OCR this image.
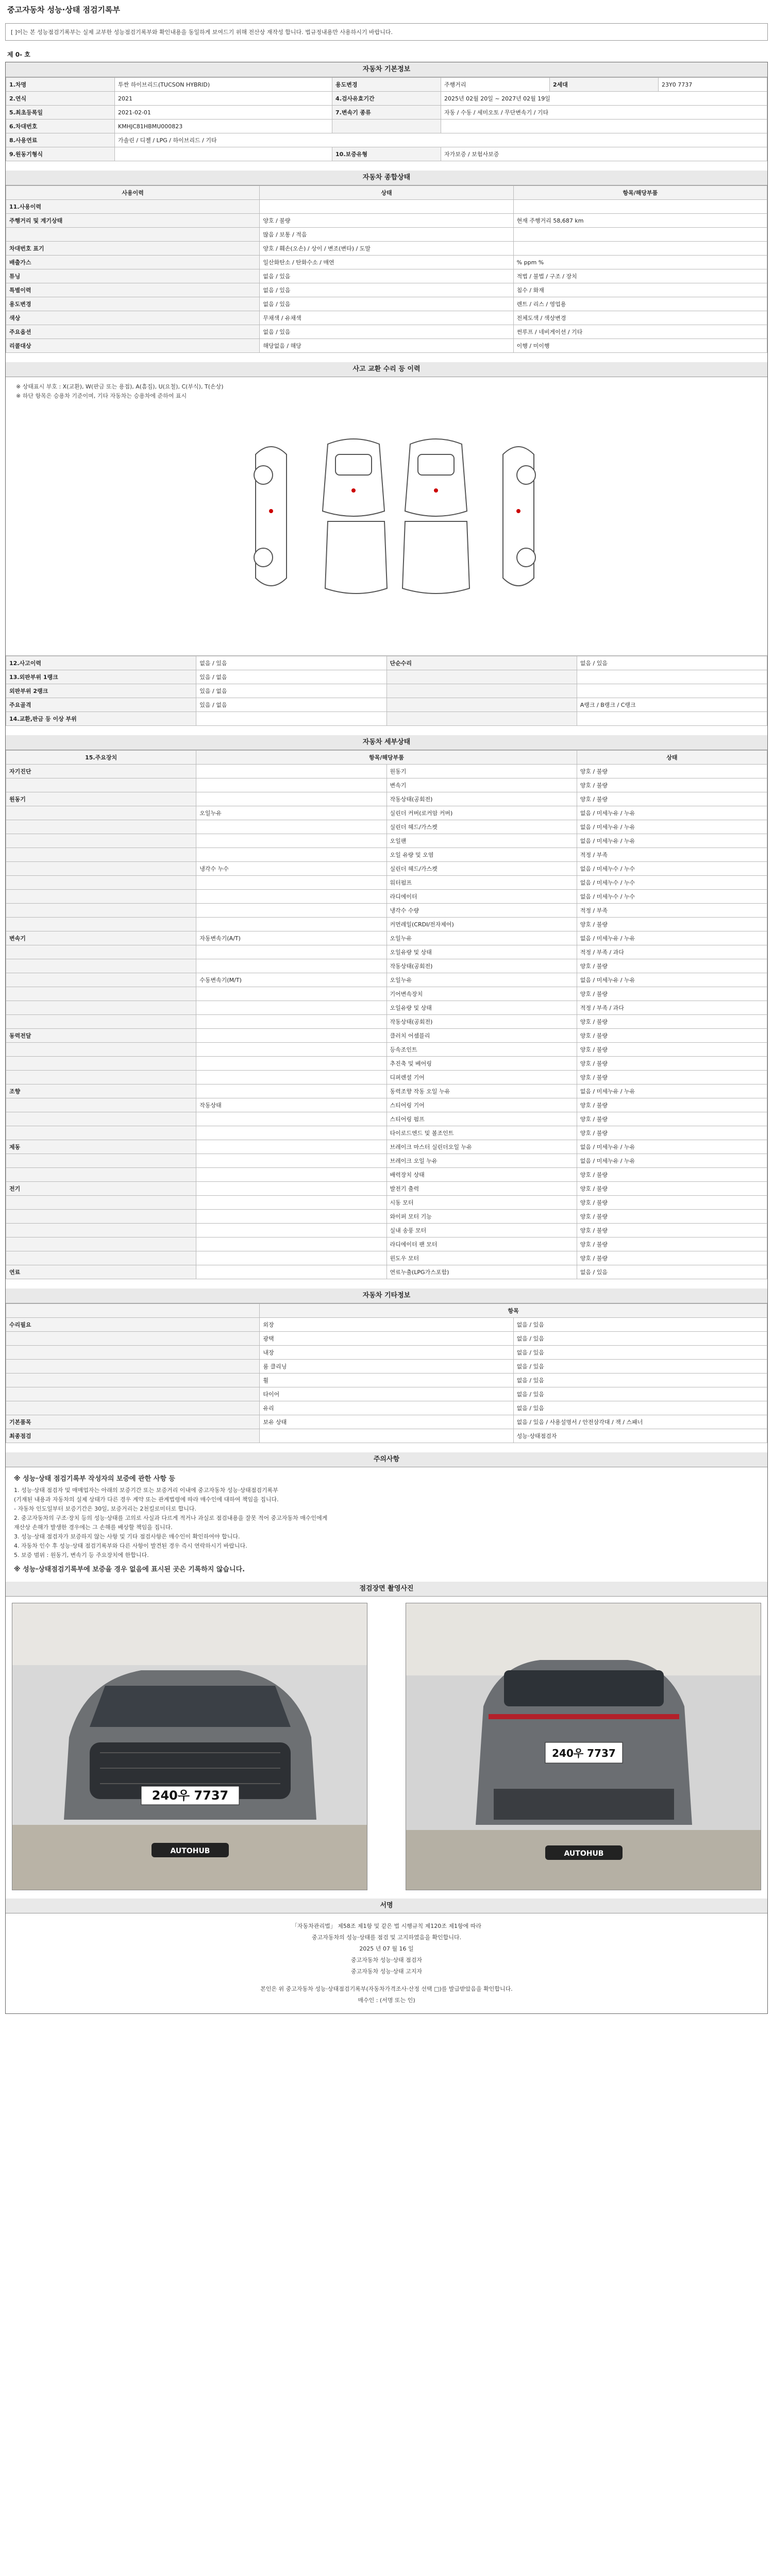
중고자동차 성능·상태 점검기록부
[ ]이는 본 성능점검기록부는 실제 교부한 성능점검기록부와 확인내용을 동일하게 보여드기 위해 전산상 재작성 합니다. 법규정내용만 사용하시기 바랍니다.
제 0- 호
자동차 기본정보
1.차명	투싼 하이브리드(TUCSON HYBRID)	용도변경	주행거리	2세대	23Y0 7737
2.연식	2021	4.검사유효기간	2025년 02월 20일 ~ 2027년 02월 19일		
5.최초등록일	2021-02-01	7.변속기 종류	자동 / 수동 / 세미오토 / 무단변속기 / 기타		
6.차대번호	KMHJC81HBMU000823				
8.사용연료	가솔린 / 디젤 / LPG / 하이브리드 / 기타				
9.원동기형식		10.보증유형	자가보증 / 보험사보증		
자동차 종합상태
사용이력	상태	항목/해당부품
11.사용이력		
주행거리 및 계기상태	양호 / 불량	현재 주행거리 58,687 km
	많음 / 보통 / 적음	
차대번호 표기	양호 / 훼손(오손) / 상이 / 변조(변타) / 도말	
배출가스	일산화탄소 / 탄화수소 / 매연	% ppm %
튜닝	없음 / 있음	적법 / 불법 / 구조 / 장치
특별이력	없음 / 있음	침수 / 화재
용도변경	없음 / 있음	렌트 / 리스 / 영업용
색상	무채색 / 유채색	전체도색 / 색상변경
주요옵션	없음 / 있음	썬루프 / 네비게이션 / 기타
리콜대상	해당없음 / 해당	이행 / 미이행
사고 교환 수리 등 이력
※ 상태표시 부호 : X(교환), W(판금 또는 용접), A(흠집), U(요철), C(부식), T(손상)
※ 하단 항목은 승용차 기준이며, 기타 자동차는 승용차에 준하여 표시
12.사고이력	없음 / 있음	단순수리	없음 / 있음
13.외판부위 1랭크	있음 / 없음		
외판부위 2랭크	있음 / 없음		
주요골격	있음 / 없음		A랭크 / B랭크 / C랭크
14.교환,판금 등 이상 부위			
자동차 세부상태
15.주요장치	항목/해당부품		상태
자기진단		원동기	양호 / 불량
		변속기	양호 / 불량
원동기		작동상태(공회전)	양호 / 불량
	오일누유	실린더 커버(로커암 커버)	없음 / 미세누유 / 누유
		실린더 헤드/가스켓	없음 / 미세누유 / 누유
		오일팬	없음 / 미세누유 / 누유
		오일 유량 및 오염	적정 / 부족
	냉각수 누수	실린더 헤드/가스켓	없음 / 미세누수 / 누수
		워터펌프	없음 / 미세누수 / 누수
		라디에이터	없음 / 미세누수 / 누수
		냉각수 수량	적정 / 부족
		커먼레일(CRDI/전자제어)	양호 / 불량
변속기	자동변속기(A/T)	오일누유	없음 / 미세누유 / 누유
		오일유량 및 상태	적정 / 부족 / 과다
		작동상태(공회전)	양호 / 불량
	수동변속기(M/T)	오일누유	없음 / 미세누유 / 누유
		기어변속장치	양호 / 불량
		오일유량 및 상태	적정 / 부족 / 과다
		작동상태(공회전)	양호 / 불량
동력전달		클러치 어셈블리	양호 / 불량
		등속조인트	양호 / 불량
		추진축 및 베어링	양호 / 불량
		디퍼렌셜 기어	양호 / 불량
조향		동력조향 작동 오일 누유	없음 / 미세누유 / 누유
	작동상태	스티어링 기어	양호 / 불량
		스티어링 펌프	양호 / 불량
		타이로드엔드 및 볼조인트	양호 / 불량
제동		브레이크 마스터 실린더오일 누유	없음 / 미세누유 / 누유
		브레이크 오일 누유	없음 / 미세누유 / 누유
		배력장치 상태	양호 / 불량
전기		발전기 출력	양호 / 불량
		시동 모터	양호 / 불량
		와이퍼 모터 기능	양호 / 불량
		실내 송풍 모터	양호 / 불량
		라디에이터 팬 모터	양호 / 불량
		윈도우 모터	양호 / 불량
연료		연료누출(LPG가스포함)	없음 / 있음
자동차 기타정보
	항목	
수리필요	외장	없음 / 있음
	광택	없음 / 있음
	내장	없음 / 있음
	룸 클리닝	없음 / 있음
	휠	없음 / 있음
	타이어	없음 / 있음
	유리	없음 / 있음
기본품목	보유 상태	없음 / 있음 / 사용설명서 / 안전삼각대 / 잭 / 스패너
최종점검		성능·상태점검자
주의사항
※ 성능·상태 점검기록부 작성자의 보증에 관한 사항 등
1. 성능·상태 점검자 및 매매업자는 아래의 보증기간 또는 보증거리 이내에 중고자동차 성능·상태점검기록부
(기재된 내용과 자동차의 실제 상태가 다른 경우 계약 또는 관계법령에 따라 매수인에 대하여 책임을 집니다.
- 자동차 인도일부터 보증기간은 30일, 보증거리는 2천킬로미터로 합니다.
2. 중고자동차의 구조·장치 등의 성능·상태를 고의로 사실과 다르게 적거나 과실로 점검내용을 잘못 적어 중고자동차 매수인에게
재산상 손해가 발생한 경우에는 그 손해를 배상할 책임을 집니다.
3. 성능·상태 점검자가 보증하지 않는 사항 및 기타 점검사항은 매수인이 확인하여야 합니다.
4. 자동차 인수 후 성능·상태 점검기록부와 다른 사항이 발견된 경우 즉시 연락하시기 바랍니다.
5. 보증 범위 : 원동기, 변속기 등 주요장치에 한합니다.
※ 성능·상태점검기록부에 보증을 경우 없음에 표시된 곳은 기록하지 않습니다.
점검장면 촬영사진
240우 7737
AUTOHUB
240우 7737
AUTOHUB
서명
「자동차관리법」 제58조 제1항 및 같은 법 시행규칙 제120조 제1항에 따라
중고자동차의 성능·상태를 점검 및 고지하였음을 확인합니다.
2025 년 07 월 16 일
중고자동차 성능·상태 점검자
중고자동차 성능·상태 고지자
본인은 위 중고자동차 성능·상태점검기록부(자동차가격조사·산정 선택 □)를 발급받았음을 확인합니다.
매수인 : (서명 또는 인)
